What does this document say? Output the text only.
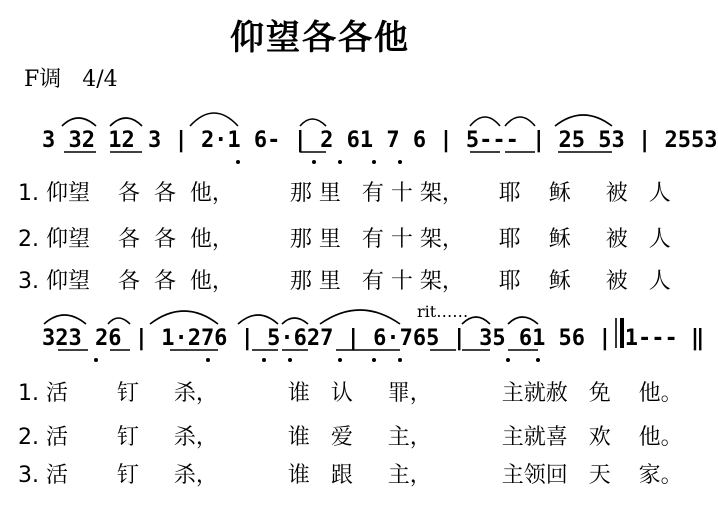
仰望各各他
F调 4/4
3 32 12 3 | 2·1 6- | 2 61 7 6 | 5--- | 25 53 | 2553
1. 仰望    各  各  他，        那 里   有 十 架，     耶    稣     被   人
2. 仰望    各  各  他，        那 里   有 十 架，     耶    稣     被   人
3. 仰望    各  各  他，        那 里   有 十 架，     耶    稣     被   人
rit……
323 26 | 1·276 | 5·627 | 6·765 | 35 61 56 | 1--- ‖
1. 活       钉     杀，          谁   认     罪，          主就赦   免    他。
2. 活       钉     杀，          谁   爱     主，          主就喜   欢    他。
3. 活       钉     杀，          谁   跟     主，          主领回   天    家。
